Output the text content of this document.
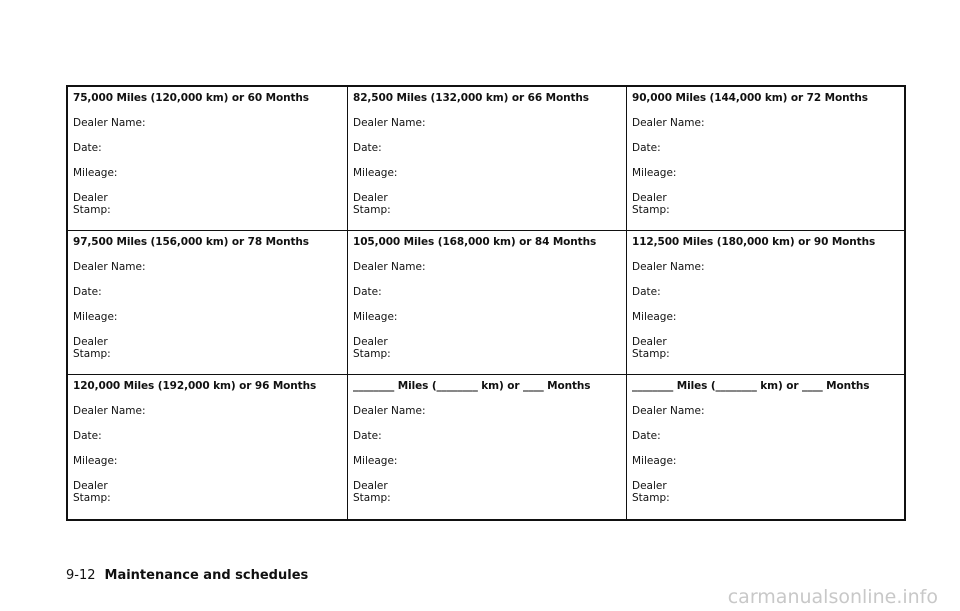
75,000 Miles (120,000 km) or 60 Months
Dealer Name:
Date:
Mileage:
Dealer
Stamp:
82,500 Miles (132,000 km) or 66 Months
Dealer Name:
Date:
Mileage:
Dealer
Stamp:
90,000 Miles (144,000 km) or 72 Months
Dealer Name:
Date:
Mileage:
Dealer
Stamp:
97,500 Miles (156,000 km) or 78 Months
Dealer Name:
Date:
Mileage:
Dealer
Stamp:
105,000 Miles (168,000 km) or 84 Months
Dealer Name:
Date:
Mileage:
Dealer
Stamp:
112,500 Miles (180,000 km) or 90 Months
Dealer Name:
Date:
Mileage:
Dealer
Stamp:
120,000 Miles (192,000 km) or 96 Months
Dealer Name:
Date:
Mileage:
Dealer
Stamp:
________ Miles (________ km) or ____ Months
Dealer Name:
Date:
Mileage:
Dealer
Stamp:
________ Miles (________ km) or ____ Months
Dealer Name:
Date:
Mileage:
Dealer
Stamp:
9-12 Maintenance and schedules
carmanualsonline.info
